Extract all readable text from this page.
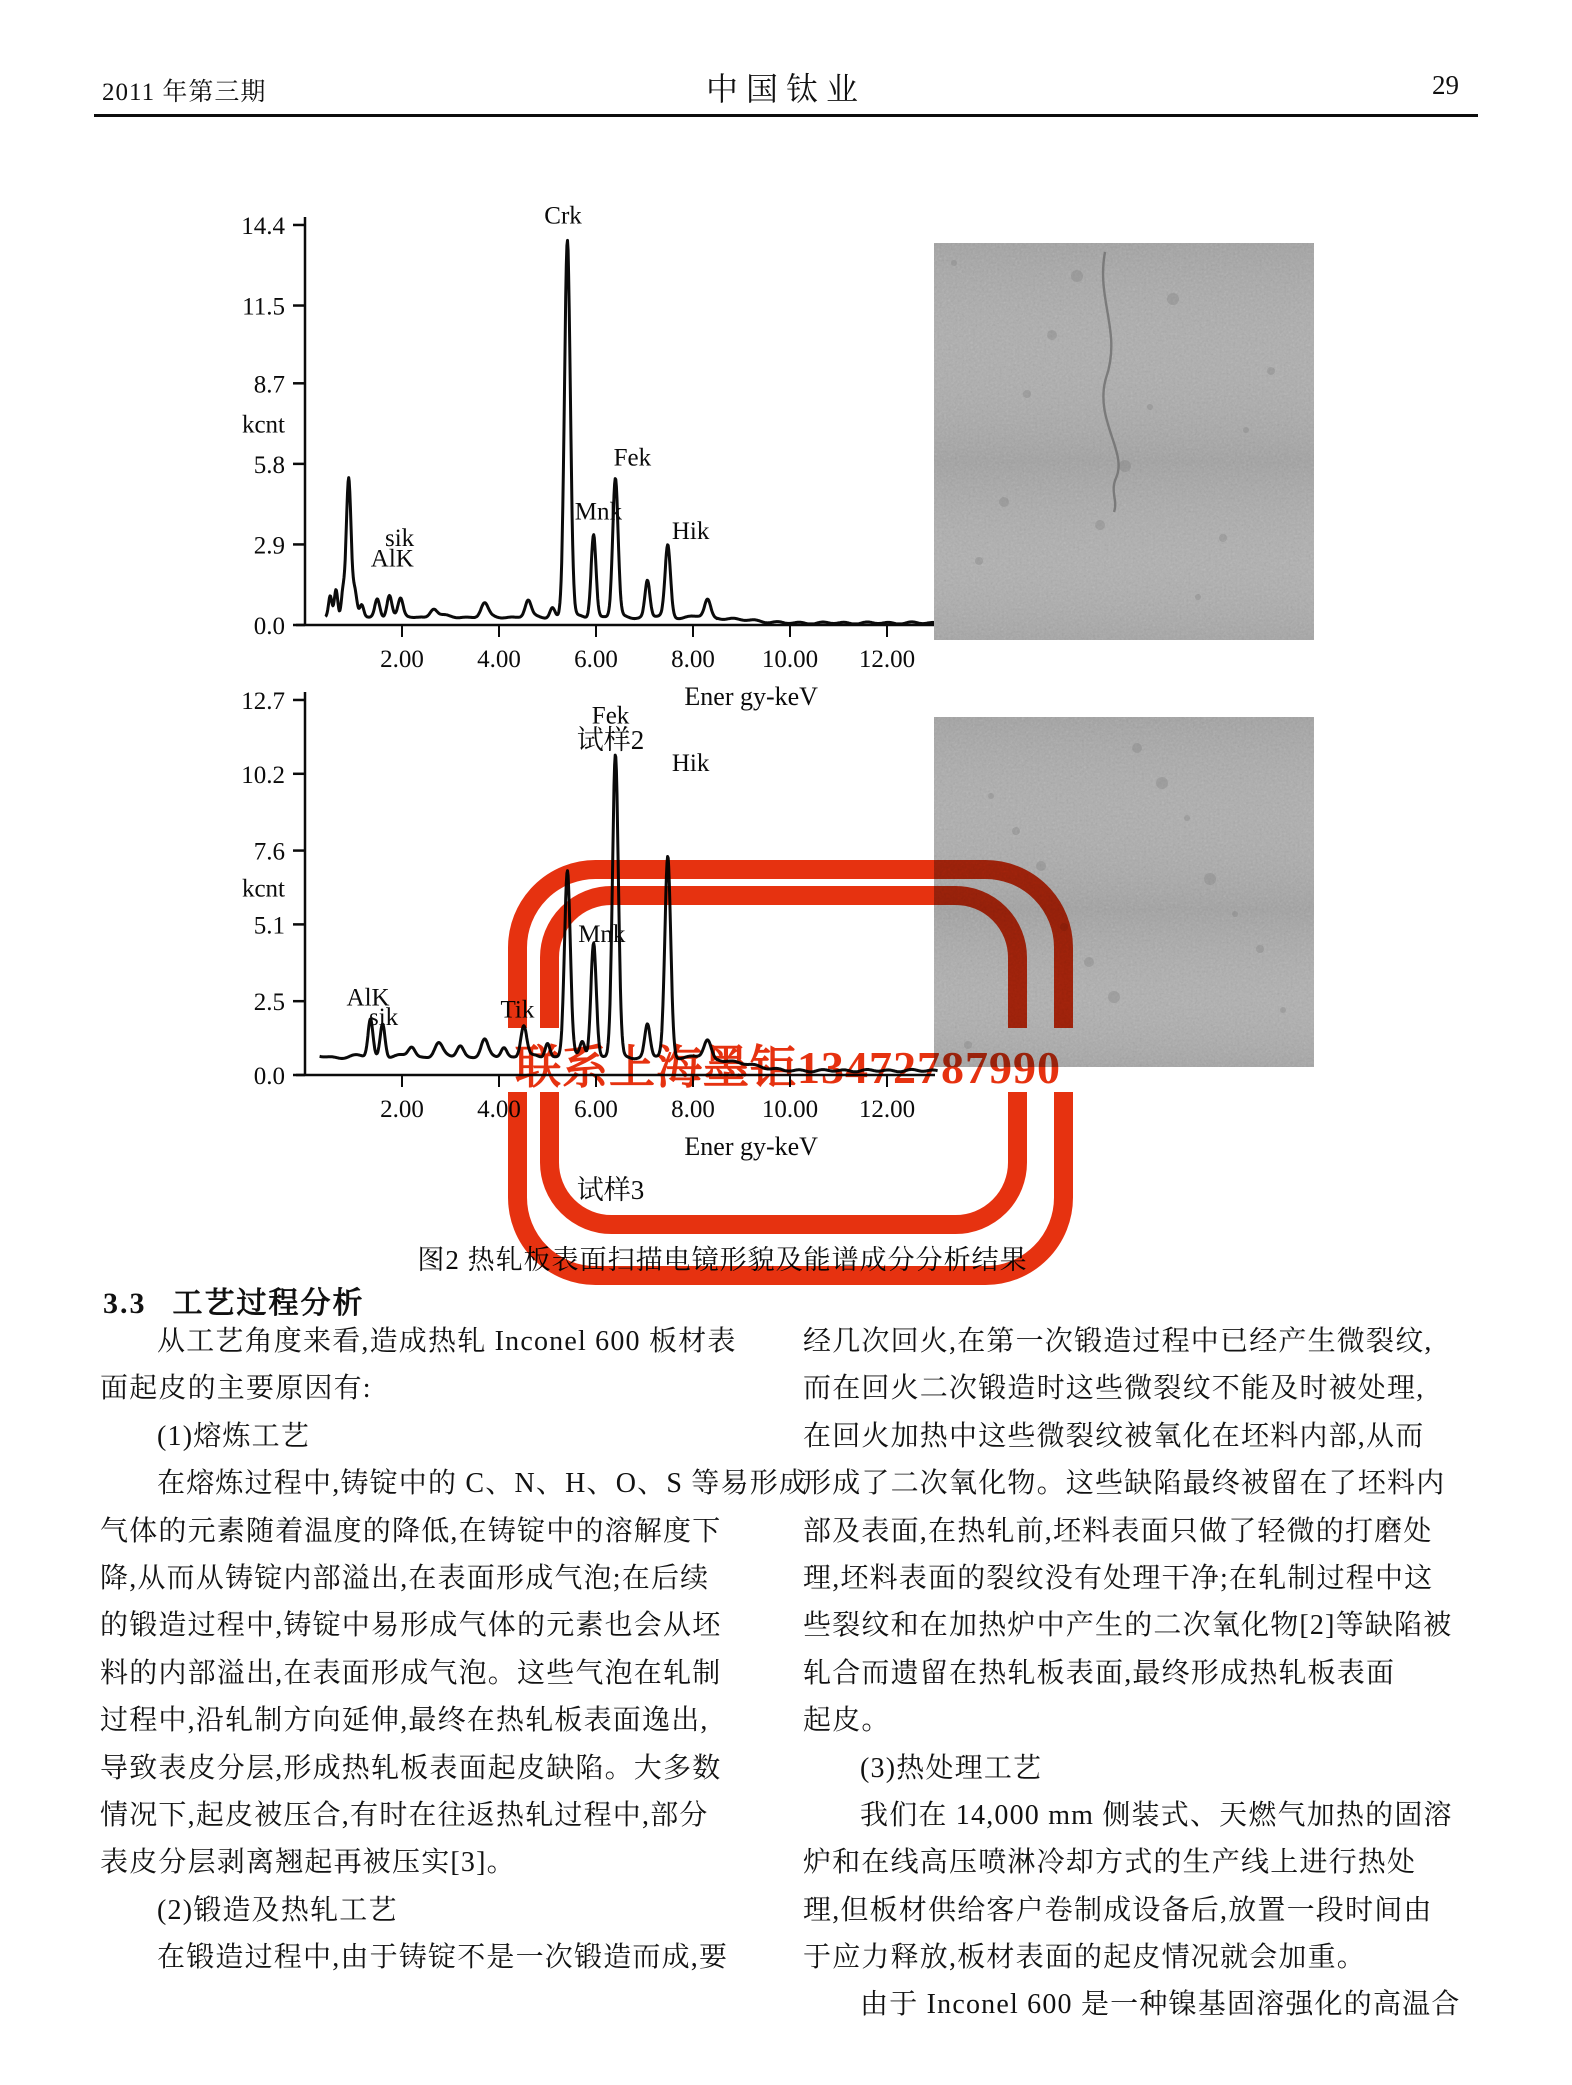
2011 年第三期	中国钛业	29
0.0
2.9
5.8
8.7
11.5
14.4
kcnt
2.00 4.00 6.00 8.00 10.00 12.00
Ener gy-keV
试样2
Crk
Fek
Mnk
Hik
sik
AlK
0.0
2.5
5.1
7.6
10.2
12.7
kcnt
2.00 4.00 6.00 8.00 10.00 12.00
Ener gy-keV
试样3
Fek
Hik
Mnk
Tik
AlK
sik
图2 热轧板表面扫描电镜形貌及能谱成分分析结果
联系上海墨钜13472787990
3.3 工艺过程分析
从工艺角度来看,造成热轧 Inconel 600 板材表
面起皮的主要原因有:
(1)熔炼工艺
在熔炼过程中,铸锭中的 C、N、H、O、S 等易形成
气体的元素随着温度的降低,在铸锭中的溶解度下
降,从而从铸锭内部溢出,在表面形成气泡;在后续
的锻造过程中,铸锭中易形成气体的元素也会从坯
料的内部溢出,在表面形成气泡。这些气泡在轧制
过程中,沿轧制方向延伸,最终在热轧板表面逸出,
导致表皮分层,形成热轧板表面起皮缺陷。大多数
情况下,起皮被压合,有时在往返热轧过程中,部分
表皮分层剥离翘起再被压实[3]。
(2)锻造及热轧工艺
在锻造过程中,由于铸锭不是一次锻造而成,要
经几次回火,在第一次锻造过程中已经产生微裂纹,
而在回火二次锻造时这些微裂纹不能及时被处理,
在回火加热中这些微裂纹被氧化在坯料内部,从而
形成了二次氧化物。这些缺陷最终被留在了坯料内
部及表面,在热轧前,坯料表面只做了轻微的打磨处
理,坯料表面的裂纹没有处理干净;在轧制过程中这
些裂纹和在加热炉中产生的二次氧化物[2]等缺陷被
轧合而遗留在热轧板表面,最终形成热轧板表面
起皮。
(3)热处理工艺
我们在 14,000 mm 侧装式、天燃气加热的固溶
炉和在线高压喷淋冷却方式的生产线上进行热处
理,但板材供给客户卷制成设备后,放置一段时间由
于应力释放,板材表面的起皮情况就会加重。
由于 Inconel 600 是一种镍基固溶强化的高温合
